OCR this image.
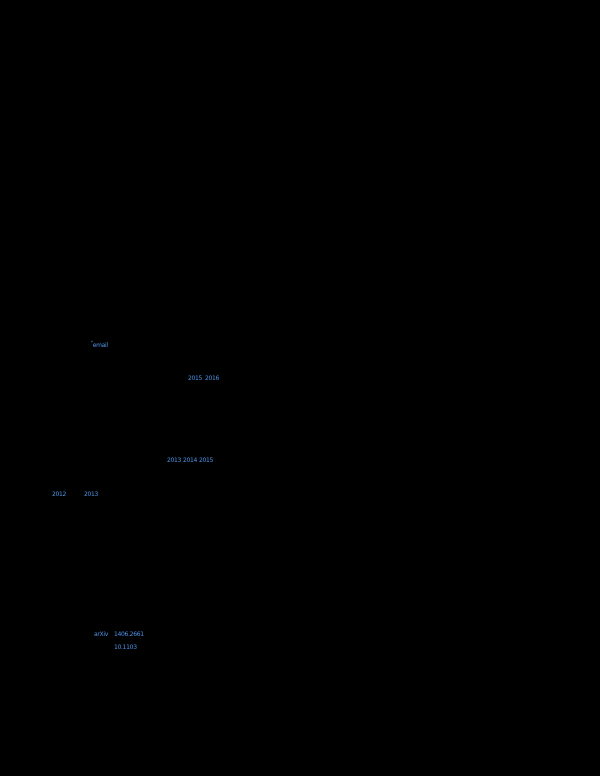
*email
2015 2016
2013 2014 2015
2012	2013
arXiv 1406.2661
10.1103
